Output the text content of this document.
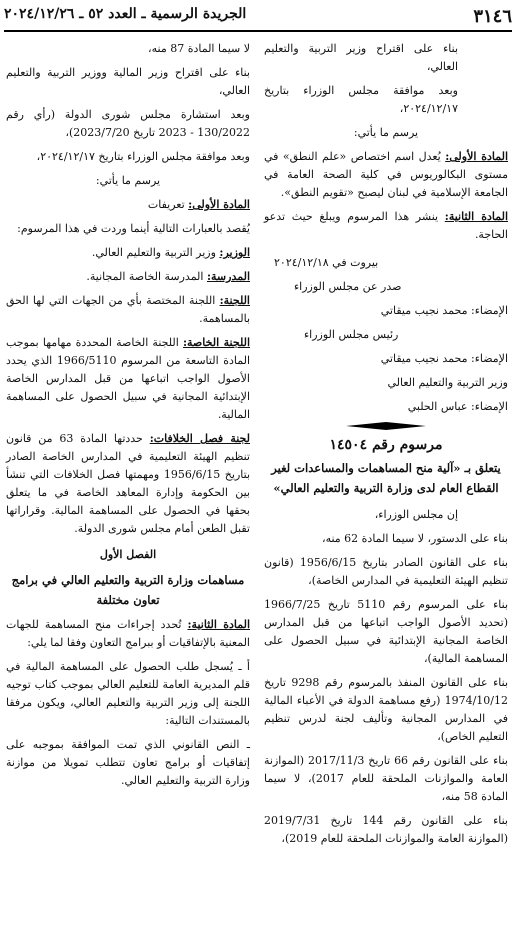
٣١٤٦
الجريدة الرسمية ـ العدد ٥٢ ـ ٢٠٢٤/١٢/٢٦

بناء على اقتراح وزير التربية والتعليم العالي،

وبعد موافقة مجلس الوزراء بتاريخ ٢٠٢٤/١٢/١٧،

يرسم ما يأتي:

المادة الأولى: يُعدل اسم اختصاص «علم النطق» في مستوى البكالوريوس في كلية الصحة العامة في الجامعة الإسلامية في لبنان ليصبح «تقويم النطق».

المادة الثانية: ينشر هذا المرسوم ويبلغ حيث تدعو الحاجة.

بيروت في ٢٠٢٤/١٢/١٨

صدر عن مجلس الوزراء

الإمضاء: محمد نجيب ميقاتي

رئيس مجلس الوزراء

الإمضاء: محمد نجيب ميقاتي

وزير التربية والتعليم العالي

الإمضاء: عباس الحلبي

مرسوم رقم ١٤٥٠٤
يتعلق بـ «آلية منح المساهمات والمساعدات لغير القطاع العام لدى وزارة التربية والتعليم العالي»

إن مجلس الوزراء،

بناء على الدستور، لا سيما المادة 62 منه،

بناء على القانون الصادر بتاريخ 1956/6/15 (قانون تنظيم الهيئة التعليمية في المدارس الخاصة)،

بناء على المرسوم رقم 5110 تاريخ 1966/7/25 (تحديد الأصول الواجب اتباعها من قبل المدارس الخاصة المجانية الإبتدائية في سبيل الحصول على المساهمة المالية)،

بناء على القانون المنفذ بالمرسوم رقم 9298 تاريخ 1974/10/12 (رفع مساهمة الدولة في الأعباء المالية في المدارس المجانية وتأليف لجنة لدرس تنظيم التعليم الخاص)،

بناء على القانون رقم 66 تاريخ 2017/11/3 (الموازنة العامة والموازنات الملحقة للعام 2017)، لا سيما المادة 58 منه،

بناء على القانون رقم 144 تاريخ 2019/7/31 (الموازنة العامة والموازنات الملحقة للعام 2019)،

لا سيما المادة 87 منه،

بناء على اقتراح وزير المالية ووزير التربية والتعليم العالي،

وبعد استشارة مجلس شورى الدولة (رأي رقم 130/2022 - 2023 تاريخ 2023/7/20)،

وبعد موافقة مجلس الوزراء بتاريخ ٢٠٢٤/١٢/١٧،

يرسم ما يأتي:

المادة الأولى: تعريفات

يُقصد بالعبارات التالية أينما وردت في هذا المرسوم:

الوزير: وزير التربية والتعليم العالي.

المدرسة: المدرسة الخاصة المجانية.

اللجنة: اللجنة المختصة بأي من الجهات التي لها الحق بالمساهمة.

اللجنة الخاصة: اللجنة الخاصة المحددة مهامها بموجب المادة التاسعة من المرسوم 1966/5110 الذي يحدد الأصول الواجب اتباعها من قبل المدارس الخاصة الإبتدائية المجانية في سبيل الحصول على المساهمة المالية.

لجنة فصل الخلافات: حددتها المادة 63 من قانون تنظيم الهيئة التعليمية في المدارس الخاصة الصادر بتاريخ 1956/6/15 ومهمتها فصل الخلافات التي تنشأ بين الحكومة وإدارة المعاهد الخاصة في ما يتعلق بحقها في الحصول على المساهمة المالية. وقراراتها تقبل الطعن أمام مجلس شورى الدولة.

الفصل الأول

مساهمات وزارة التربية والتعليم العالي في برامج تعاون مختلفة

المادة الثانية: تُحدد إجراءات منح المساهمة للجهات المعنية بالإتفاقيات أو ببرامج التعاون وفقا لما يلي:

أ ـ يُسجل طلب الحصول على المساهمة المالية في قلم المديرية العامة للتعليم العالي بموجب كتاب توجيه اللجنة إلى وزير التربية والتعليم العالي، ويكون مرفقا بالمستندات التالية:

ـ النص القانوني الذي تمت الموافقة بموجبه على إتفاقيات أو برامج تعاون تتطلب تمويلا من موازنة وزارة التربية والتعليم العالي.
